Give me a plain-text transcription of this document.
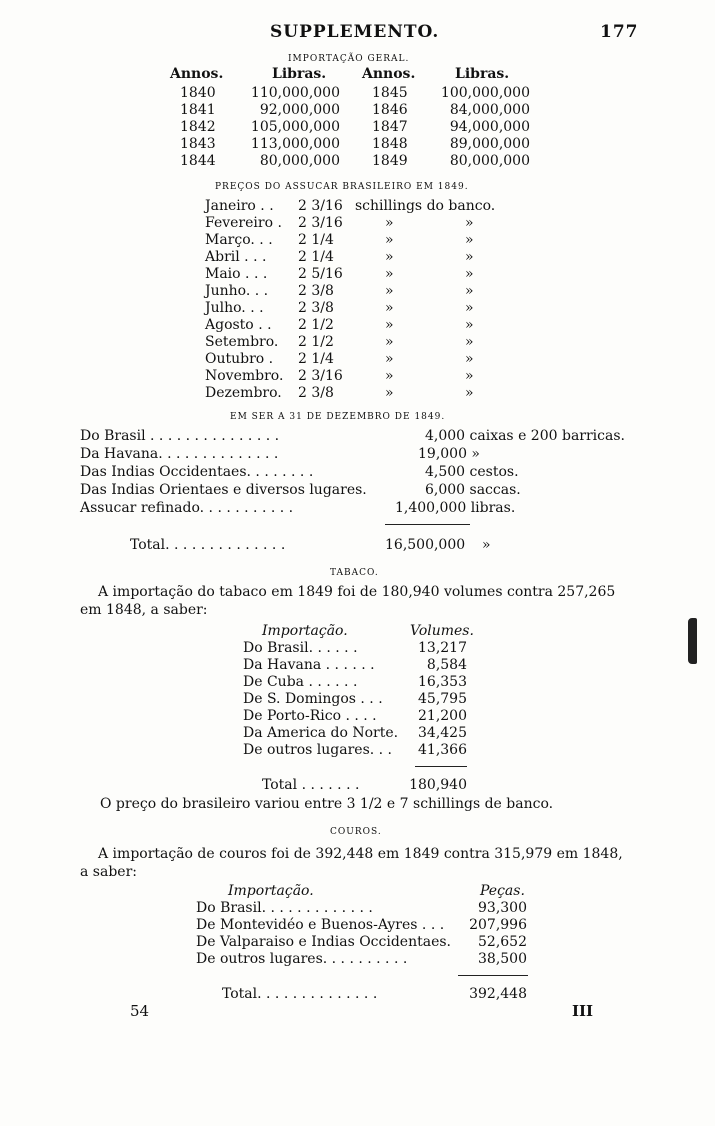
SUPPLEMENTO.	177
IMPORTAÇÃO GERAL.
Annos.	Libras.	Annos.	Libras.
1840	110,000,000 1845	100,000,000
1841	92,000,000 1846	84,000,000
1842	105,000,000 1847	94,000,000
1843	113,000,000 1848	89,000,000
1844	80,000,000 1849	80,000,000
PREÇOS DO ASSUCAR BRASILEIRO EM 1849.
Janeiro . . 2 3/16 schillings do banco.
Fevereiro . 2 3/16	»	»
Março. . . 2 1/4	»	»
Abril . . . 2 1/4	»	»
Maio . . . 2 5/16	»	»
Junho. . . 2 3/8	»	»
Julho. . . 2 3/8	»	»
Agosto . . 2 1/2	»	»
Setembro. 2 1/2	»	»
Outubro . 2 1/4	»	»
Novembro. 2 3/16	»	»
Dezembro. 2 3/8	»	»
EM SER A 31 DE DEZEMBRO DE 1849.
Do Brasil . . . . . . . . . . . . . . .	4,000 caixas e 200 barricas.
Da Havana. . . . . . . . . . . . . .	19,000 »
Das Indias Occidentaes. . . . . . . .	4,500 cestos.
Das Indias Orientaes e diversos lugares.	6,000 saccas.
Assucar refinado. . . . . . . . . . .	1,400,000 libras.
Total. . . . . . . . . . . . . .	16,500,000 »
TABACO.
A importação do tabaco em 1849 foi de 180,940 volumes contra 257,265
em 1848, a saber:
Importação.	Volumes.
Do Brasil. . . . . .	13,217
Da Havana . . . . . .	8,584
De Cuba . . . . . .	16,353
De S. Domingos . . .	45,795
De Porto-Rico . . . .	21,200
Da America do Norte.	34,425
De outros lugares. . .	41,366
Total . . . . . . .	180,940
O preço do brasileiro variou entre 3 1/2 e 7 schillings de banco.
COUROS.
A importação de couros foi de 392,448 em 1849 contra 315,979 em 1848,
a saber:
Importação.	Peças.
Do Brasil. . . . . . . . . . . . .	93,300
De Montevidéo e Buenos-Ayres . . .	207,996
De Valparaiso e Indias Occidentaes.	52,652
De outros lugares. . . . . . . . . .	38,500
Total. . . . . . . . . . . . . .	392,448
54	III
